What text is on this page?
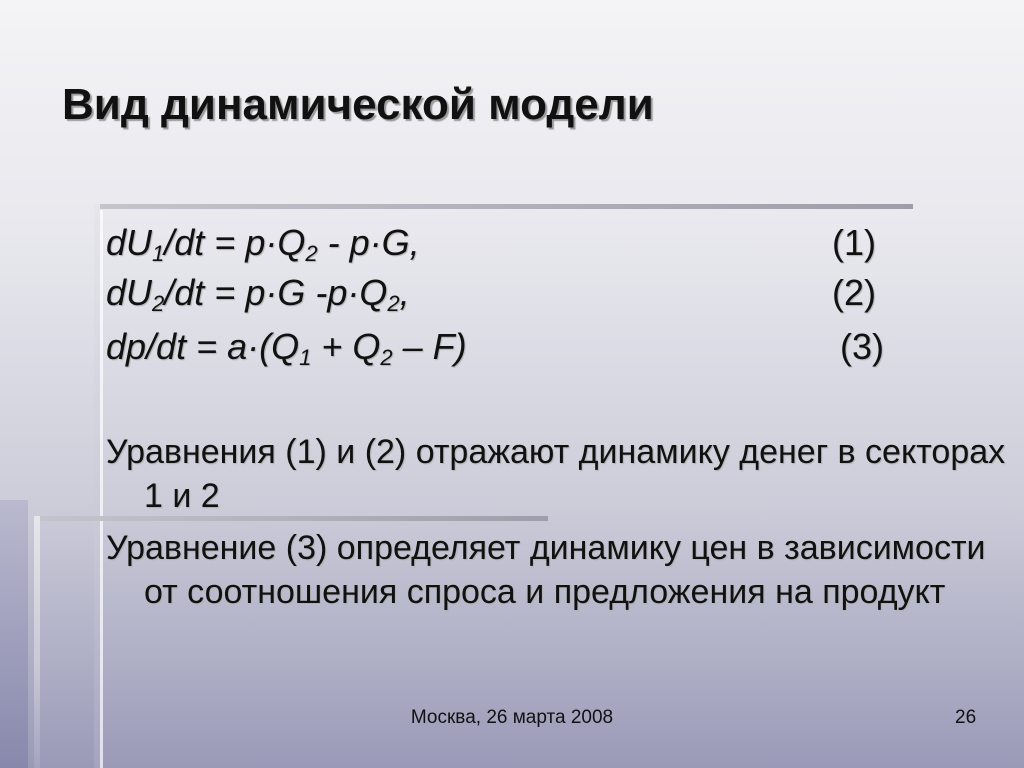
Вид динамической модели
$dU_1/dt = p\cdot Q_2 - p\cdot G$,	(1)
$dU_2/dt = p\cdot G$ $-p\cdot Q_2$,	(2)
$dp/dt = a\cdot(Q_1 + Q_2 - F)$	(3)

Уравнения (1) и (2) отражают динамику денег в секторах 1 и 2

Уравнение (3) определяет динамику цен в зависимости от соотношения спроса и предложения на продукт

Москва, 26 марта 2008	26
